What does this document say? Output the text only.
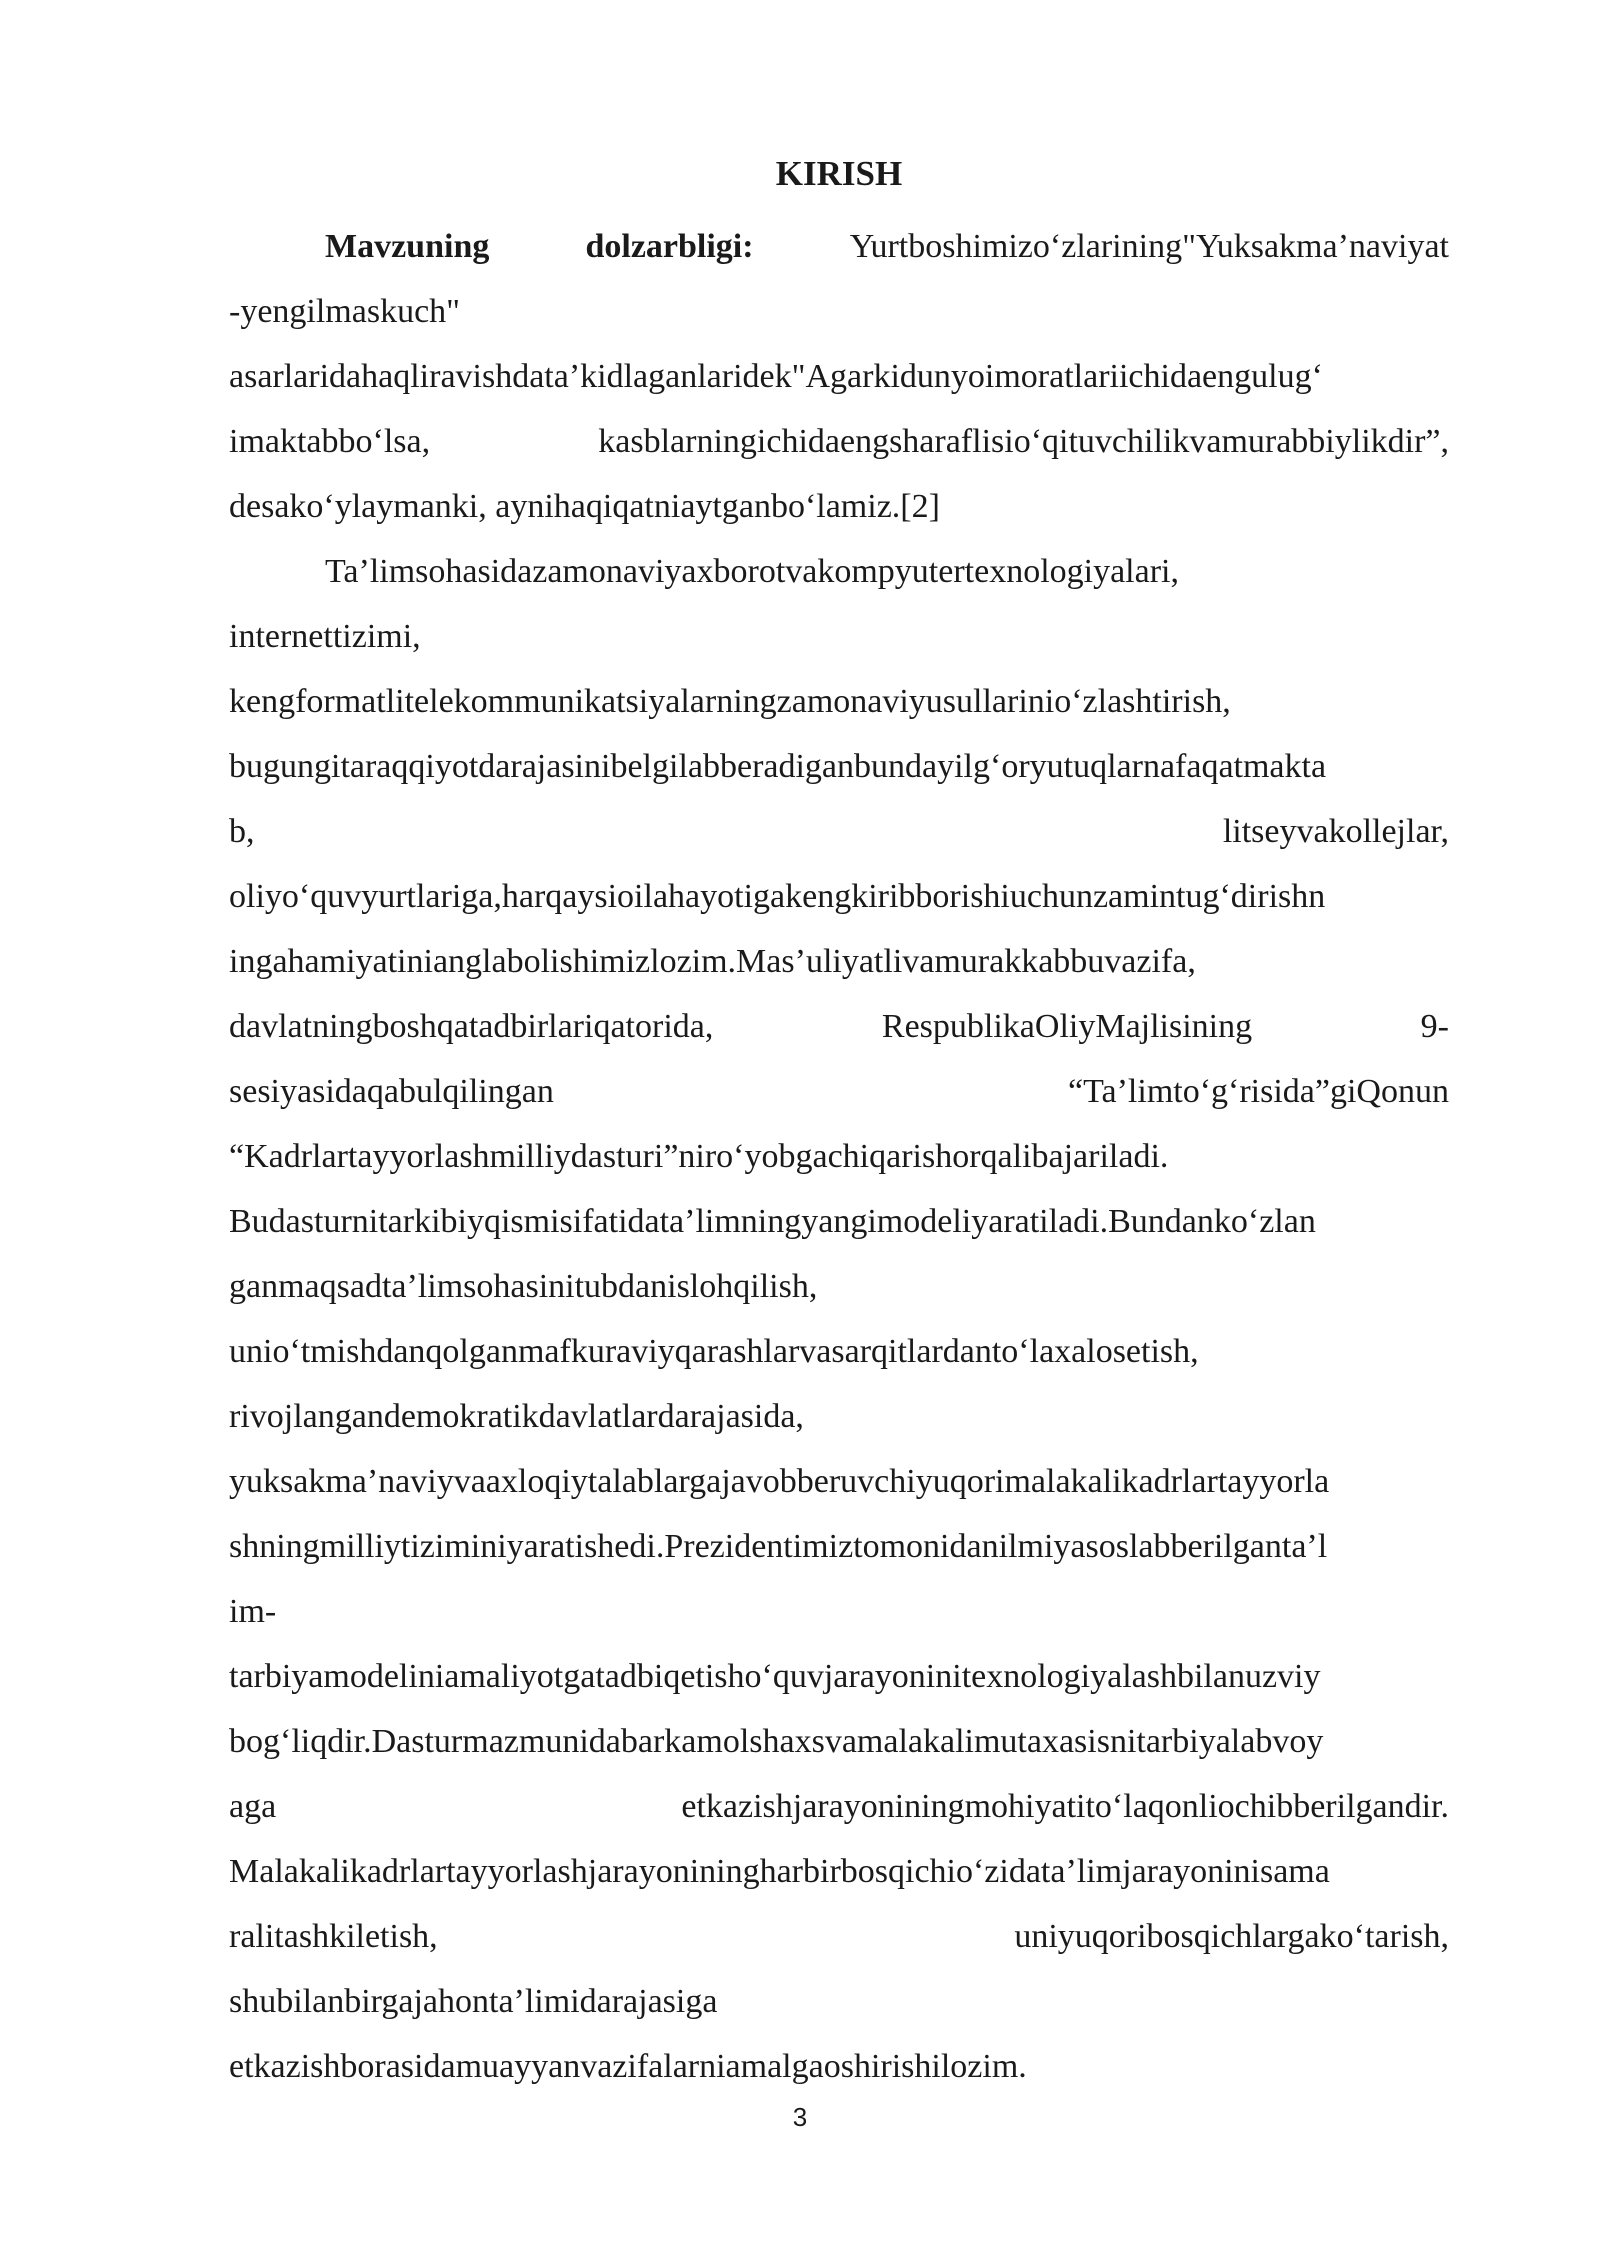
KIRISH
Mavzuning	dolzarbligi:	Yurtboshimizo‘zlarining"Yuksakma’naviyat
-yengilmaskuch"
asarlaridahaqliravishdata’kidlaganlaridek"Agarkidunyoimoratlariichidaengulug‘
imaktabbo‘lsa,	kasblarningichidaengsharaflisio‘qituvchilikvamurabbiylikdir”,
desako‘ylaymanki, aynihaqiqatniaytganbo‘lamiz.[2]
Ta’limsohasidazamonaviyaxborotvakompyutertexnologiyalari,
internettizimi,
kengformatlitelekommunikatsiyalarningzamonaviyusullarinio‘zlashtirish,
bugungitaraqqiyotdarajasinibelgilabberadiganbundayilg‘oryutuqlarnafaqatmakta
b,	litseyvakollejlar,
oliyo‘quvyurtlariga,harqaysioilahayotigakengkiribborishiuchunzamintug‘dirishn
ingahamiyatinianglabolishimizlozim.Mas’uliyatlivamurakkabbuvazifa,
davlatningboshqatadbirlariqatorida,	RespublikaOliyMajlisining	9-
sesiyasidaqabulqilingan	“Ta’limto‘g‘risida”giQonun
“Kadrlartayyorlashmilliydasturi”niro‘yobgachiqarishorqalibajariladi.
Budasturnitarkibiyqismisifatidata’limningyangimodeliyaratiladi.Bundanko‘zlan
ganmaqsadta’limsohasinitubdanislohqilish,
unio‘tmishdanqolganmafkuraviyqarashlarvasarqitlardanto‘laxalosetish,
rivojlangandemokratikdavlatlardarajasida,
yuksakma’naviyvaaxloqiytalablargajavobberuvchiyuqorimalakalikadrlartayyorla
shningmilliytiziminiyaratishedi.Prezidentimiztomonidanilmiyasoslabberilganta’l
im-
tarbiyamodeliniamaliyotgatadbiqetisho‘quvjarayoninitexnologiyalashbilanuzviy
bog‘liqdir.Dasturmazmunidabarkamolshaxsvamalakalimutaxasisnitarbiyalabvoy
aga	etkazishjarayoniningmohiyatito‘laqonliochibberilgandir.
Malakalikadrlartayyorlashjarayoniningharbirbosqichio‘zidata’limjarayoninisama
ralitashkiletish,	uniyuqoribosqichlargako‘tarish,
shubilanbirgajahonta’limidarajasiga
etkazishborasidamuayyanvazifalarniamalgaoshirishilozim.
3
